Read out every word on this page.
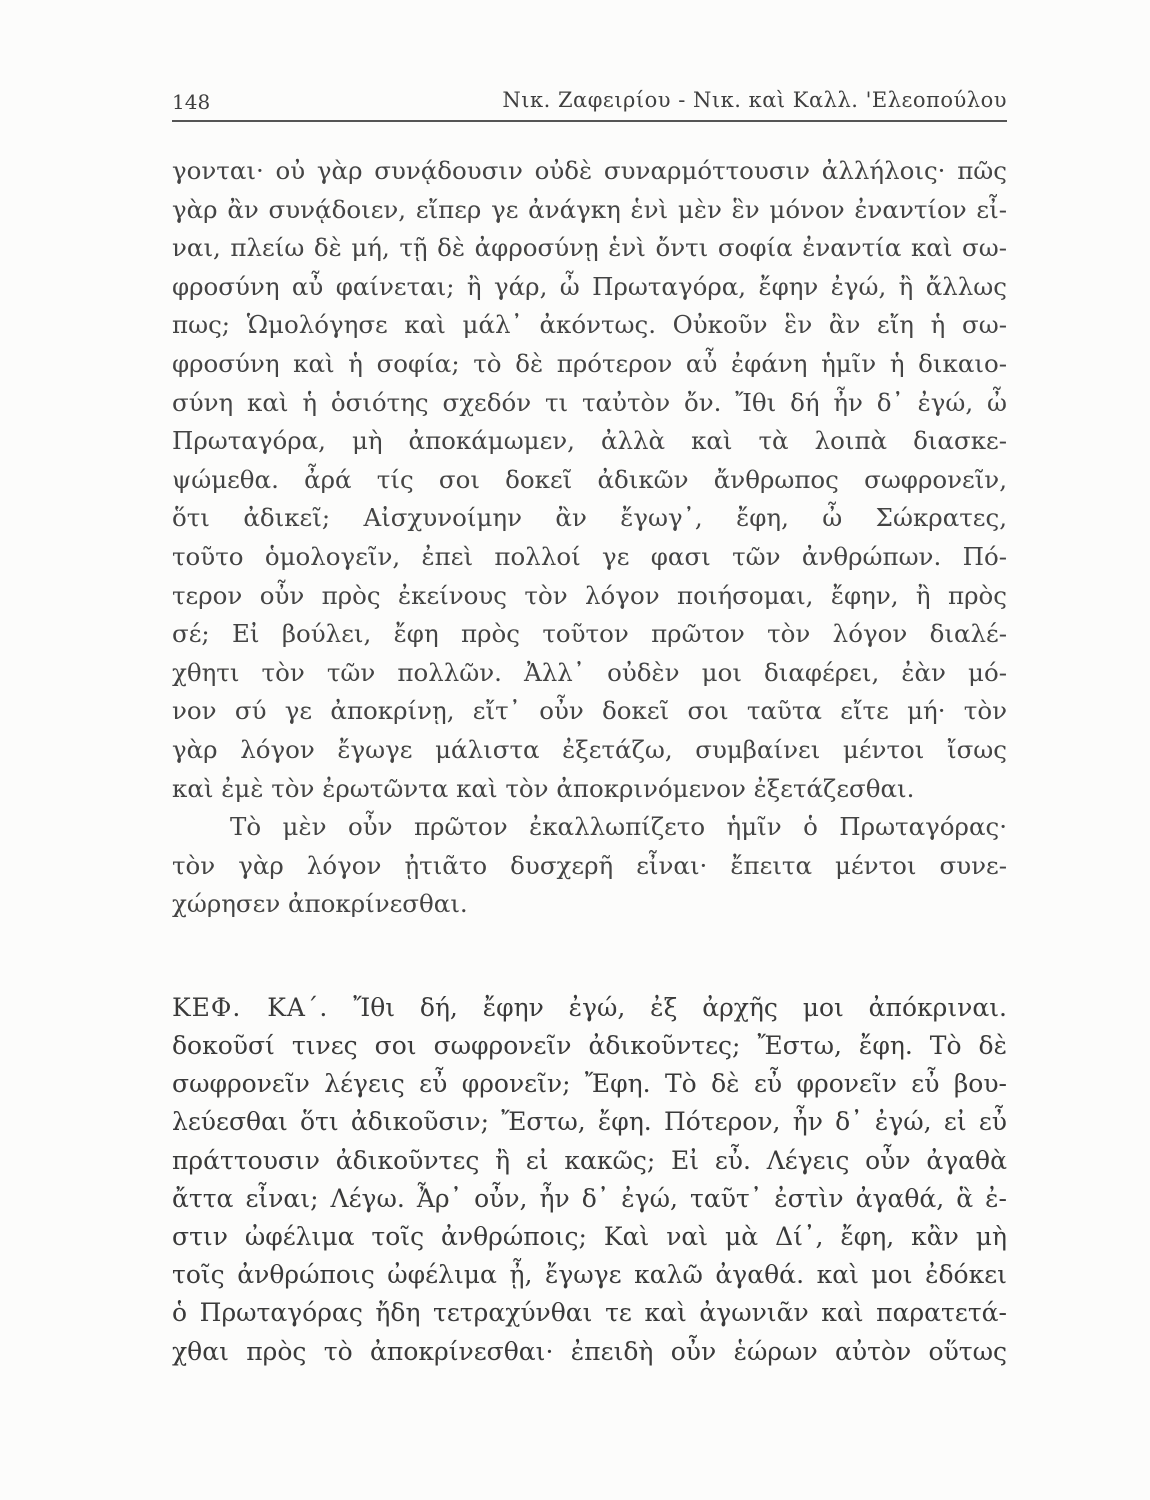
148	Νικ. Ζαφειρίου - Νικ. καὶ Καλλ. 'Ελεοπούλου
γονται· οὐ γὰρ συνᾴδουσιν οὐδὲ συναρμόττουσιν ἀλλήλοις· πῶς
γὰρ ἂν συνᾴδοιεν, εἴπερ γε ἀνάγκη ἑνὶ μὲν ἓν μόνον ἐναντίον εἶ-
ναι, πλείω δὲ μή, τῇ δὲ ἀφροσύνῃ ἑνὶ ὄντι σοφία ἐναντία καὶ σω-
φροσύνη αὖ φαίνεται; ἢ γάρ, ὦ Πρωταγόρα, ἔφην ἐγώ, ἢ ἄλλως
πως; Ὡμολόγησε καὶ μάλ᾽ ἀκόντως. Οὐκοῦν ἓν ἂν εἴη ἡ σω-
φροσύνη καὶ ἡ σοφία; τὸ δὲ πρότερον αὖ ἐφάνη ἡμῖν ἡ δικαιο-
σύνη καὶ ἡ ὁσιότης σχεδόν τι ταὐτὸν ὄν. Ἴθι δή ἦν δ᾽ ἐγώ, ὦ
Πρωταγόρα, μὴ ἀποκάμωμεν, ἀλλὰ καὶ τὰ λοιπὰ διασκε-
ψώμεθα. ἆρά τίς σοι δοκεῖ ἀδικῶν ἄνθρωπος σωφρονεῖν,
ὅτι ἀδικεῖ; Αἰσχυνοίμην ἂν ἔγωγ᾽, ἔφη, ὦ Σώκρατες,
τοῦτο ὁμολογεῖν, ἐπεὶ πολλοί γε φασι τῶν ἀνθρώπων. Πό-
τερον οὖν πρὸς ἐκείνους τὸν λόγον ποιήσομαι, ἔφην, ἢ πρὸς
σέ; Εἰ βούλει, ἔφη πρὸς τοῦτον πρῶτον τὸν λόγον διαλέ-
χθητι τὸν τῶν πολλῶν. Ἀλλ᾽ οὐδὲν μοι διαφέρει, ἐὰν μό-
νον σύ γε ἀποκρίνῃ, εἴτ᾽ οὖν δοκεῖ σοι ταῦτα εἴτε μή· τὸν
γὰρ λόγον ἔγωγε μάλιστα ἐξετάζω, συμβαίνει μέντοι ἴσως
καὶ ἐμὲ τὸν ἐρωτῶντα καὶ τὸν ἀποκρινόμενον ἐξετάζεσθαι.
Τὸ μὲν οὖν πρῶτον ἐκαλλωπίζετο ἡμῖν ὁ Πρωταγόρας·
τὸν γὰρ λόγον ᾐτιᾶτο δυσχερῆ εἶναι· ἔπειτα μέντοι συνε-
χώρησεν ἀποκρίνεσθαι.
ΚΕΦ. ΚΑ΄. Ἴθι δή, ἔφην ἐγώ, ἐξ ἀρχῆς μοι ἀπόκριναι.
δοκοῦσί τινες σοι σωφρονεῖν ἀδικοῦντες; Ἔστω, ἔφη. Τὸ δὲ
σωφρονεῖν λέγεις εὖ φρονεῖν; Ἔφη. Τὸ δὲ εὖ φρονεῖν εὖ βου-
λεύεσθαι ὅτι ἀδικοῦσιν; Ἔστω, ἔφη. Πότερον, ἦν δ᾽ ἐγώ, εἰ εὖ
πράττουσιν ἀδικοῦντες ἢ εἰ κακῶς; Εἰ εὖ. Λέγεις οὖν ἀγαθὰ
ἄττα εἶναι; Λέγω. Ἆρ᾽ οὖν, ἦν δ᾽ ἐγώ, ταῦτ᾽ ἐστὶν ἀγαθά, ἃ ἐ-
στιν ὠφέλιμα τοῖς ἀνθρώποις; Καὶ ναὶ μὰ Δί᾽, ἔφη, κἂν μὴ
τοῖς ἀνθρώποις ὠφέλιμα ᾖ, ἔγωγε καλῶ ἀγαθά. καὶ μοι ἐδόκει
ὁ Πρωταγόρας ἤδη τετραχύνθαι τε καὶ ἀγωνιᾶν καὶ παρατετά-
χθαι πρὸς τὸ ἀποκρίνεσθαι· ἐπειδὴ οὖν ἑώρων αὐτὸν οὕτως
